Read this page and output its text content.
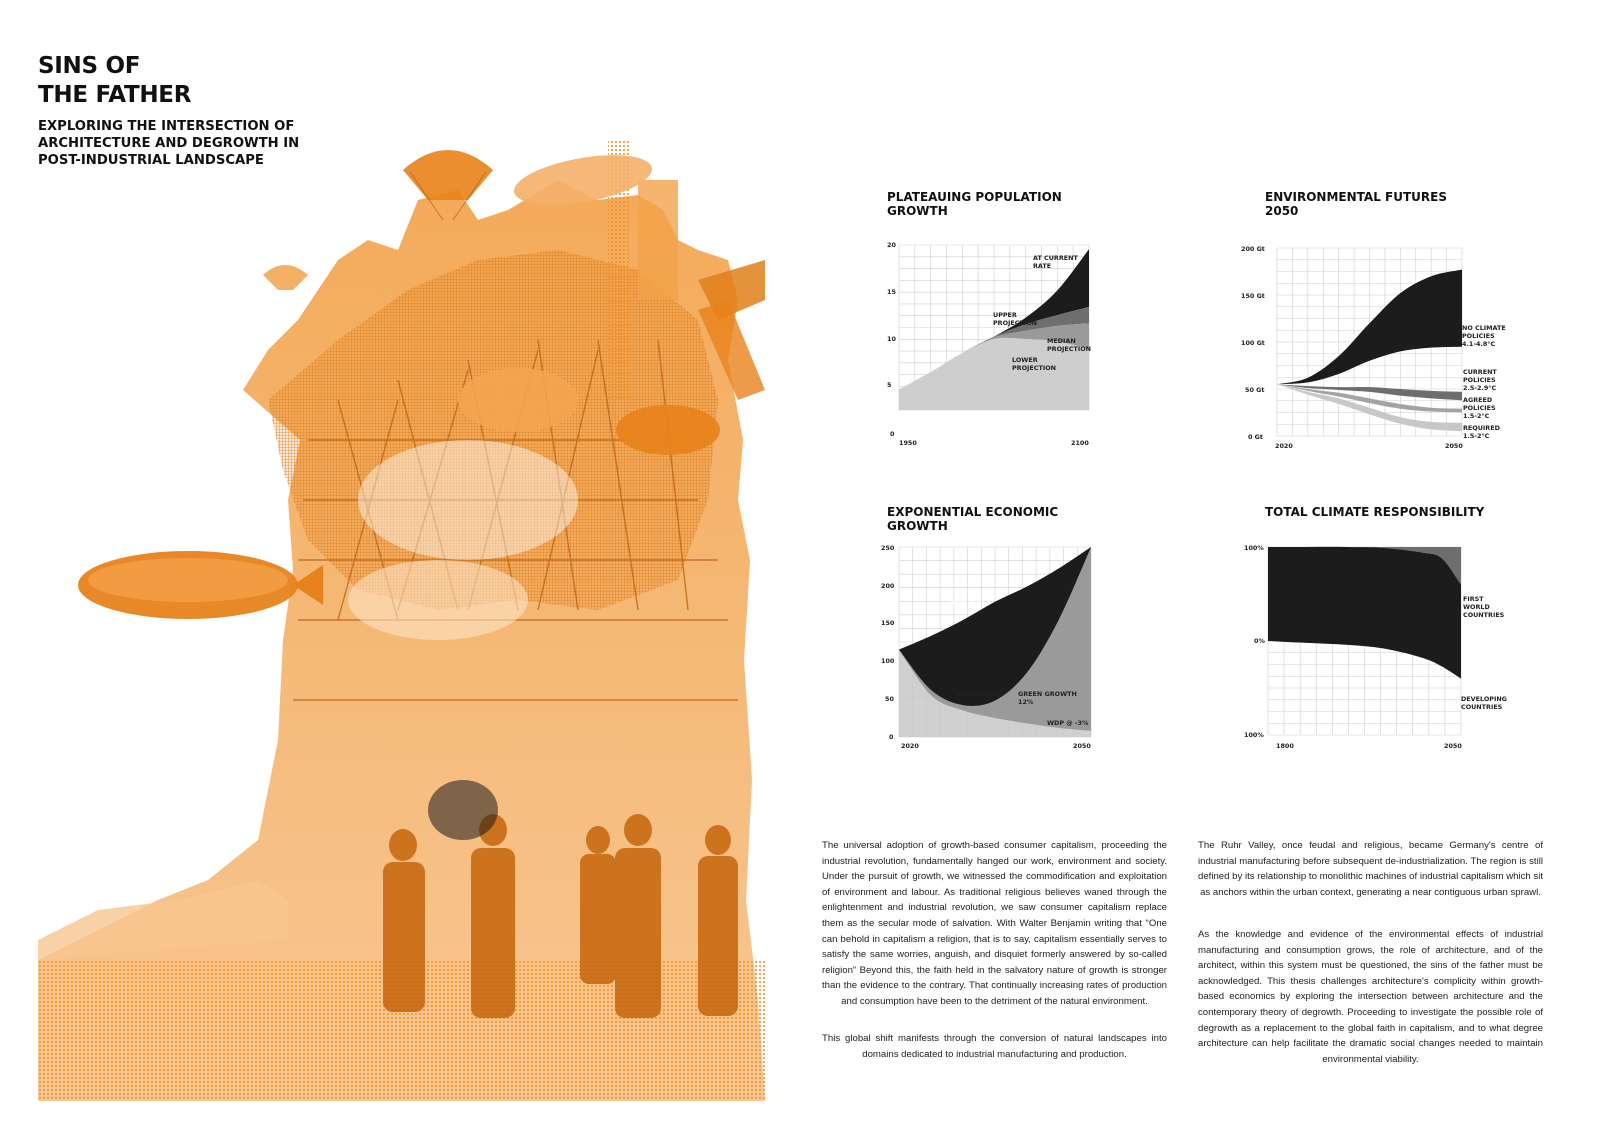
SINS OF
THE FATHER
EXPLORING THE INTERSECTION OF
ARCHITECTURE AND DEGROWTH IN
POST-INDUSTRIAL LANDSCAPE
PLATEAUING POPULATION
GROWTH
20
15
10
5
0
1950	2100
AT CURRENT
RATE
UPPER
PROJECTION
MEDIAN
PROJECTION
LOWER
PROJECTION
ENVIRONMENTAL FUTURES
2050
200 Gt
150 Gt
100 Gt
50 Gt
0 Gt
2020	2050
NO CLIMATE
POLICIES
4.1-4.8°C
CURRENT
POLICIES
2.5-2.9°C
AGREED
POLICIES
1.5-2°C
REQUIRED
1.5-2°C
EXPONENTIAL ECONOMIC
GROWTH
250
200
150
100
50
0
2020	2050
WDP @ 3%
WDP TOTAL	GREEN GROWTH
12%
WDP @ -3%
TOTAL CLIMATE RESPONSIBILITY
100%
0%
100%
1800	2050
FIRST
WORLD
COUNTRIES
DEVELOPING
COUNTRIES

The universal adoption of growth-based consumer capitalism, proceeding the industrial revolution, fundamentally hanged our work, environment and society. Under the pursuit of growth, we witnessed the commodification and exploitation of environment and labour. As traditional religious believes waned through the enlightenment and industrial revolution, we saw consumer capitalism replace them as the secular mode of salvation. With Walter Benjamin writing that “One can behold in capitalism a religion, that is to say, capitalism essentially serves to satisfy the same worries, anguish, and disquiet formerly answered by so-called religion” Beyond this, the faith held in the salvatory nature of growth is stronger than the evidence to the contrary. That continually increasing rates of production and consumption have been to the detriment of the natural environment.

This global shift manifests through the conversion of natural landscapes into domains dedicated to industrial manufacturing and production.

The Ruhr Valley, once feudal and religious, became Germany's centre of industrial manufacturing before subsequent de-industrialization. The region is still defined by its relationship to monolithic machines of industrial capitalism which sit as anchors within the urban context, generating a near contiguous urban sprawl.

As the knowledge and evidence of the environmental effects of industrial manufacturing and consumption grows, the role of architecture, and of the architect, within this system must be questioned, the sins of the father must be acknowledged. This thesis challenges architecture's complicity within growth-based economics by exploring the intersection between architecture and the contemporary theory of degrowth. Proceeding to investigate the possible role of degrowth as a replacement to the global faith in capitalism, and to what degree architecture can help facilitate the dramatic social changes needed to maintain environmental viability.
